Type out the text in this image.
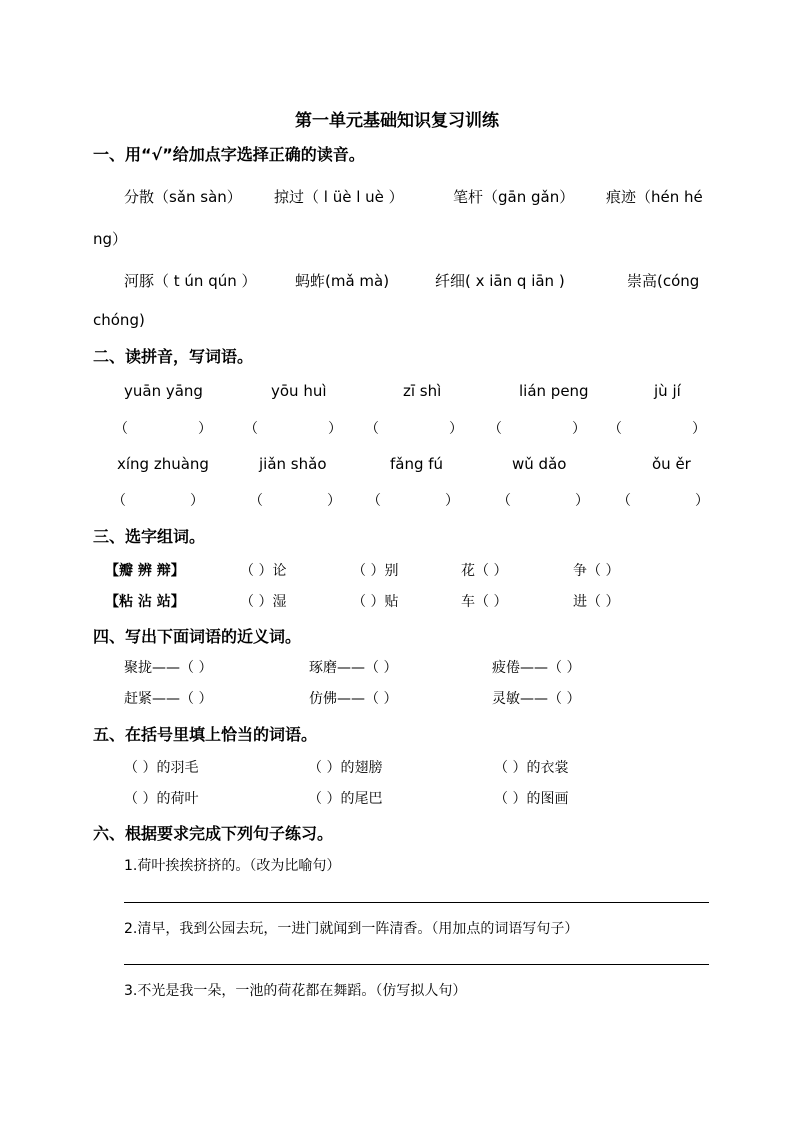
第一单元基础知识复习训练
一、用“√”给加点字选择正确的读音。
分散（sǎn sàn） 掠过（ l üè l uè ）	笔杆（gān gǎn） 痕迹（hén hé
ng）
河豚（ t ún qún ）	蚂蚱(mǎ mà)	纤细( x iān q iān )	崇高(cóng
chóng)
二、读拼音，写词语。
yuān yāng	yōu huì	zī shì	lián peng	jù jí
（	） （	） （	） （	） （	）
xíng zhuàng	jiǎn shǎo	fǎng fú	wǔ dǎo	ǒu ěr
（	）	（	） （	）	（	） （	）
三、选字组词。
【瓣 辨 辩】	（ ）论	（ ）别	花（ ）	争（ ）
【粘 沾 站】	（ ）湿	（ ）贴	车（ ）	进（ ）
四、写出下面词语的近义词。
聚拢——（ ）	琢磨——（ ）	疲倦——（ ）
赶紧——（ ）	仿佛——（ ）	灵敏——（ ）
五、在括号里填上恰当的词语。
（ ）的羽毛	（ ）的翅膀	（ ）的衣裳
（ ）的荷叶	（ ）的尾巴	（ ）的图画
六、根据要求完成下列句子练习。
1.荷叶挨挨挤挤的。（改为比喻句）
2.清早，我到公园去玩，一进门就闻到一阵清香。（用加点的词语写句子）
3.不光是我一朵，一池的荷花都在舞蹈。（仿写拟人句）
